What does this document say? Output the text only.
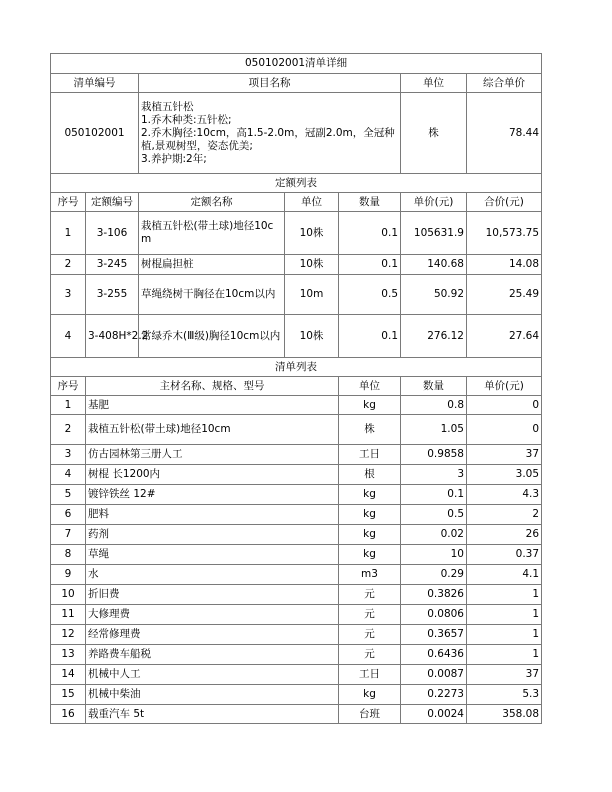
050102001清单详细							
清单编号		项目名称			单位	综合单价	
050102001		栽植五针松
1.乔木种类:五针松;
2.乔木胸径:10cm，高1.5-2.0m，冠副2.0m，全冠种植,景观树型，姿态优美;
3.养护期:2年;			株	78.44	
定额列表							
序号	定额编号	定额名称	单位	数量	单价(元)	合价(元)	
1	3-106	栽植五针松(带土球)地径10cm	10株	0.1	105631.9	10,573.75	
2	3-245	树棍扁担桩	10株	0.1	140.68	14.08	
3	3-255	草绳绕树干胸径在10cm以内	10m	0.5	50.92	25.49	
4	3-408H*2.2	常绿乔木(Ⅲ级)胸径10cm以内	10株	0.1	276.12	27.64	
清单列表							
序号	主材名称、规格、型号			单位	数量	单价(元)	
1	基肥			kg	0.8	0	
2	栽植五针松(带土球)地径10cm			株	1.05	0	
3	仿古园林第三册人工			工日	0.9858	37	
4	树棍 长1200内			根	3	3.05	
5	镀锌铁丝 12#			kg	0.1	4.3	
6	肥料			kg	0.5	2	
7	药剂			kg	0.02	26	
8	草绳			kg	10	0.37	
9	水			m3	0.29	4.1	
10	折旧费			元	0.3826	1	
11	大修理费			元	0.0806	1	
12	经常修理费			元	0.3657	1	
13	养路费车船税			元	0.6436	1	
14	机械中人工			工日	0.0087	37	
15	机械中柴油			kg	0.2273	5.3	
16	载重汽车 5t			台班	0.0024	358.08	
